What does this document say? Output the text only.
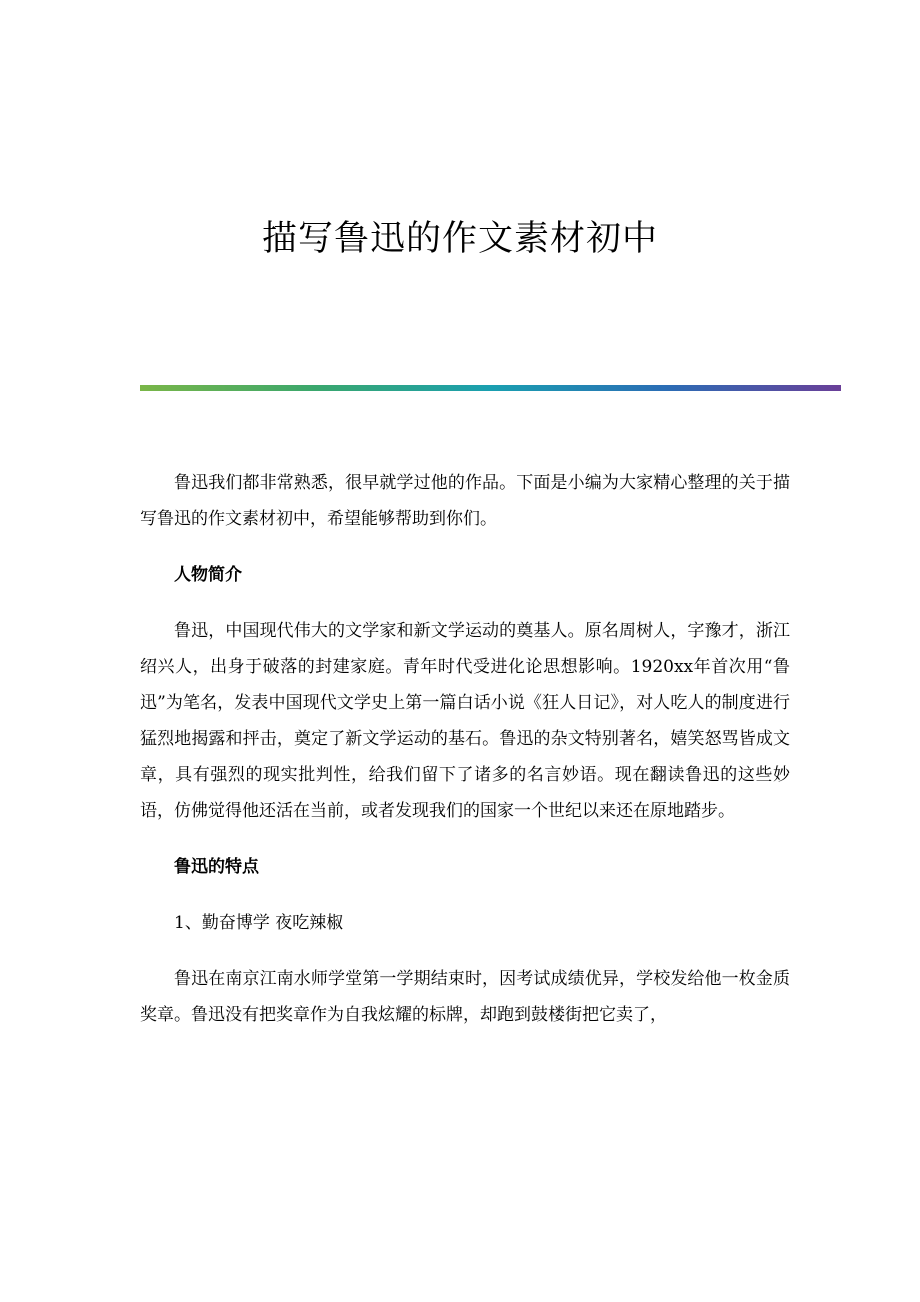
描写鲁迅的作文素材初中

鲁迅我们都非常熟悉，很早就学过他的作品。下面是小编为大家精心整理的关于描写鲁迅的作文素材初中，希望能够帮助到你们。

人物简介

鲁迅，中国现代伟大的文学家和新文学运动的奠基人。原名周树人，字豫才，浙江绍兴人，出身于破落的封建家庭。青年时代受进化论思想影响。1920xx年首次用“鲁迅”为笔名，发表中国现代文学史上第一篇白话小说《狂人日记》，对人吃人的制度进行猛烈地揭露和抨击，奠定了新文学运动的基石。鲁迅的杂文特别著名，嬉笑怒骂皆成文章，具有强烈的现实批判性，给我们留下了诸多的名言妙语。现在翻读鲁迅的这些妙语，仿佛觉得他还活在当前，或者发现我们的国家一个世纪以来还在原地踏步。

鲁迅的特点

1、勤奋博学 夜吃辣椒

鲁迅在南京江南水师学堂第一学期结束时，因考试成绩优异，学校发给他一枚金质奖章。鲁迅没有把奖章作为自我炫耀的标牌，却跑到鼓楼街把它卖了，
